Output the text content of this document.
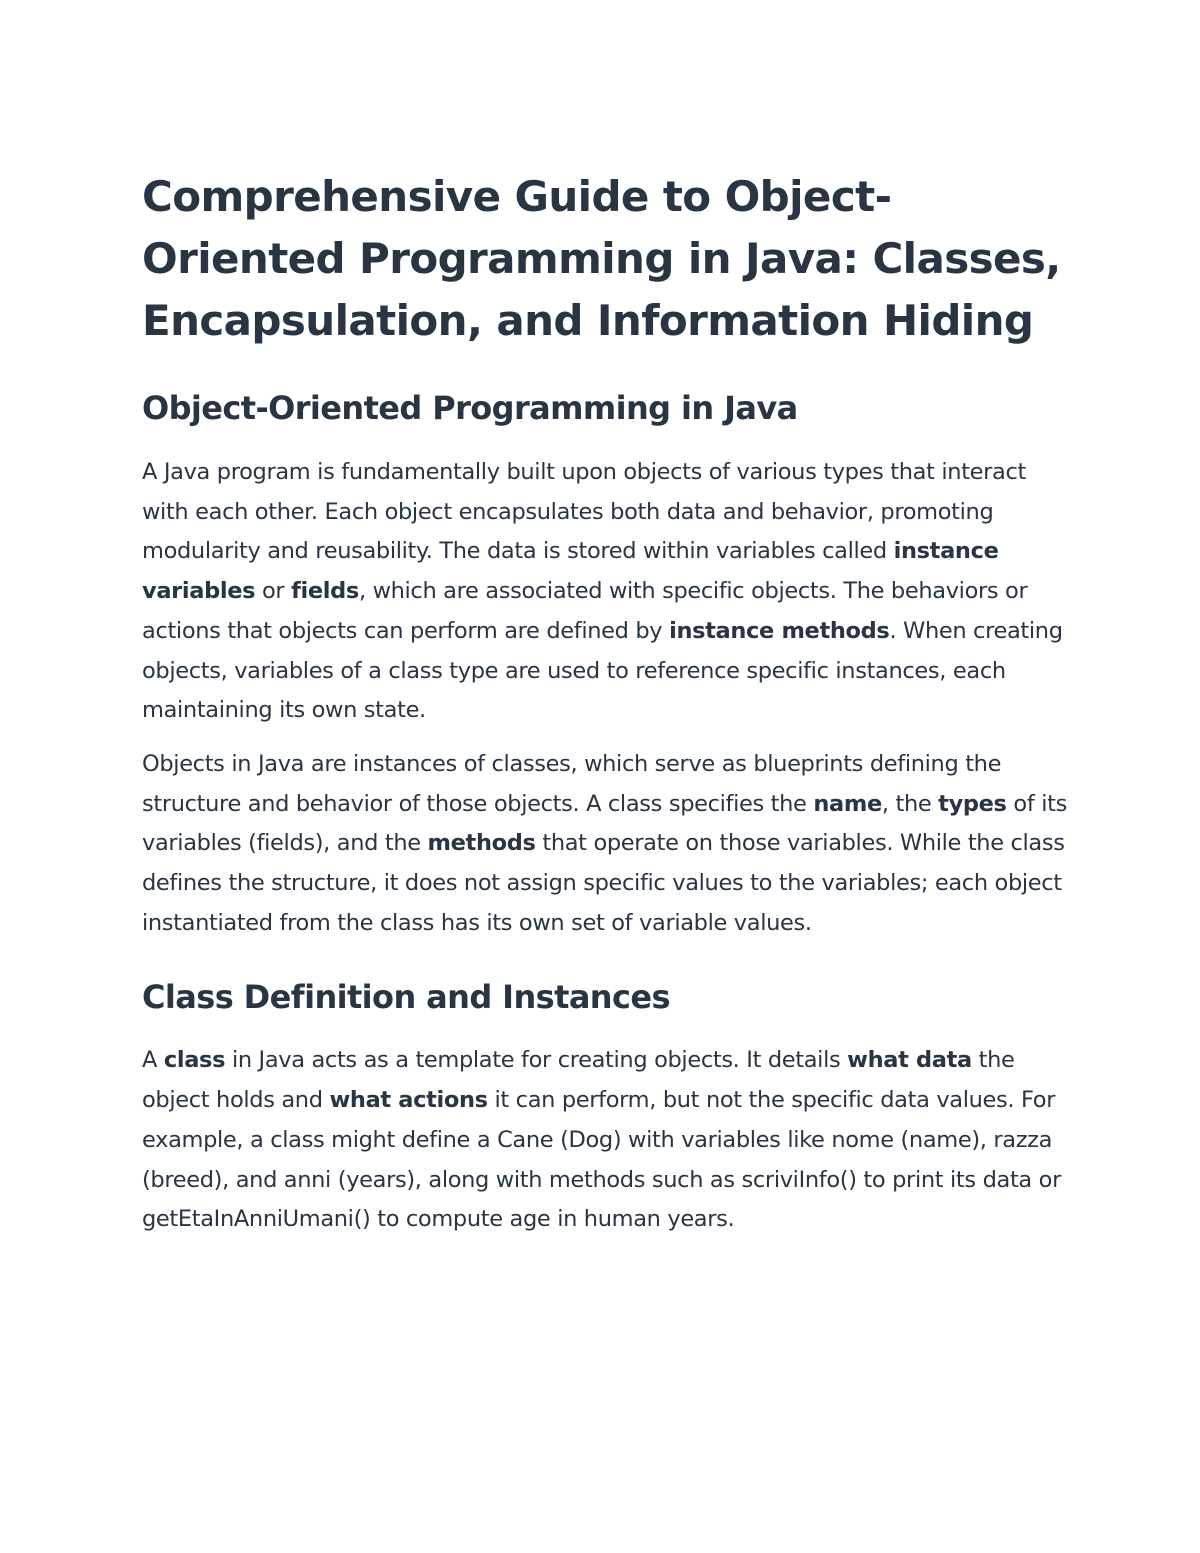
Comprehensive Guide to Object-Oriented Programming in Java: Classes, Encapsulation, and Information Hiding
Object-Oriented Programming in Java

A Java program is fundamentally built upon objects of various types that interact with each other. Each object encapsulates both data and behavior, promoting modularity and reusability. The data is stored within variables called instance variables or fields, which are associated with specific objects. The behaviors or actions that objects can perform are defined by instance methods. When creating objects, variables of a class type are used to reference specific instances, each maintaining its own state.

Objects in Java are instances of classes, which serve as blueprints defining the structure and behavior of those objects. A class specifies the name, the types of its variables (fields), and the methods that operate on those variables. While the class defines the structure, it does not assign specific values to the variables; each object instantiated from the class has its own set of variable values.

Class Definition and Instances

A class in Java acts as a template for creating objects. It details what data the object holds and what actions it can perform, but not the specific data values. For example, a class might define a Cane (Dog) with variables like nome (name), razza (breed), and anni (years), along with methods such as scriviInfo() to print its data or getEtaInAnniUmani() to compute age in human years.
